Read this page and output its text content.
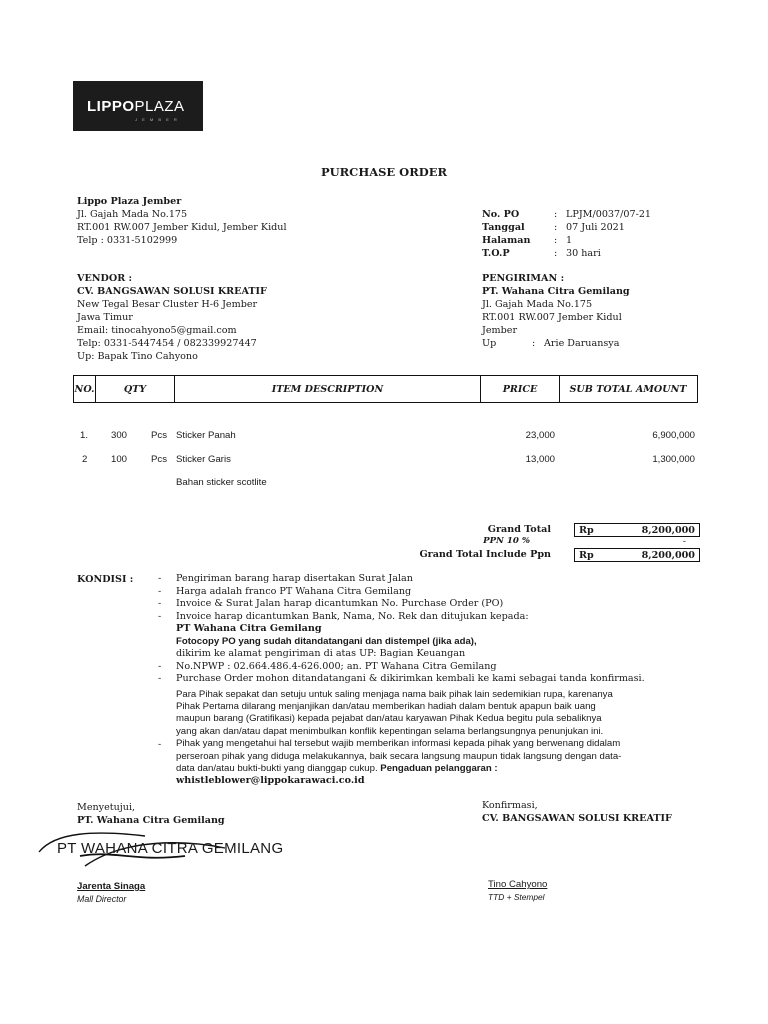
LIPPOPLAZA
J E M B E R
PURCHASE ORDER
Lippo Plaza Jember
Jl. Gajah Mada No.175
RT.001 RW.007 Jember Kidul, Jember Kidul
Telp : 0331-5102999
No. PO	: LPJM/0037/07-21
Tanggal	: 07 Juli 2021
Halaman : 1
T.O.P	: 30 hari
VENDOR :
CV. BANGSAWAN SOLUSI KREATIF
New Tegal Besar Cluster H-6 Jember
Jawa Timur
Email: tinocahyono5@gmail.com
Telp: 0331-5447454 / 082339927447
Up: Bapak Tino Cahyono
PENGIRIMAN :
PT. Wahana Citra Gemilang
Jl. Gajah Mada No.175
RT.001 RW.007 Jember Kidul
Jember
Up	: Arie Daruansya
NO.	QTY	ITEM DESCRIPTION	PRICE	SUB TOTAL AMOUNT
1. 300 Pcs Sticker Panah	23,000	6,900,000
2 100 Pcs Sticker Garis	13,000	1,300,000
Bahan sticker scotlite
Grand Total	Rp	8,200,000
PPN 10 %	-
Grand Total Include Ppn	Rp	8,200,000
KONDISI :	-	Pengiriman barang harap disertakan Surat Jalan
-	Harga adalah franco PT Wahana Citra Gemilang
-	Invoice & Surat Jalan harap dicantumkan No. Purchase Order (PO)
-	Invoice harap dicantumkan Bank, Nama, No. Rek dan ditujukan kepada:
PT Wahana Citra Gemilang
Fotocopy PO yang sudah ditandatangani dan distempel (jika ada),
dikirim ke alamat pengiriman di atas UP: Bagian Keuangan
-	No.NPWP : 02.664.486.4-626.000; an. PT Wahana Citra Gemilang
-	Purchase Order mohon ditandatangani & dikirimkan kembali ke kami sebagai tanda konfirmasi.
-
Para Pihak sepakat dan setuju untuk saling menjaga nama baik pihak lain sedemikian rupa, karenanya
Pihak Pertama dilarang menjanjikan dan/atau memberikan hadiah dalam bentuk apapun baik uang
maupun barang (Gratifikasi) kepada pejabat dan/atau karyawan Pihak Kedua begitu pula sebaliknya
yang akan dan/atau dapat menimbulkan konflik kepentingan selama berlangsungnya penunjukan ini.
Pihak yang mengetahui hal tersebut wajib memberikan informasi kepada pihak yang berwenang didalam
perseroan pihak yang diduga melakukannya, baik secara langsung maupun tidak langsung dengan data-
data dan/atau bukti-bukti yang dianggap cukup. Pengaduan pelanggaran :
whistleblower@lippokarawaci.co.id
Menyetujui,
PT. Wahana Citra Gemilang
PT WAHANA CITRA GEMILANG
Jarenta Sinaga
Mall Director
Konfirmasi,
CV. BANGSAWAN SOLUSI KREATIF
Tino Cahyono
TTD + Stempel
